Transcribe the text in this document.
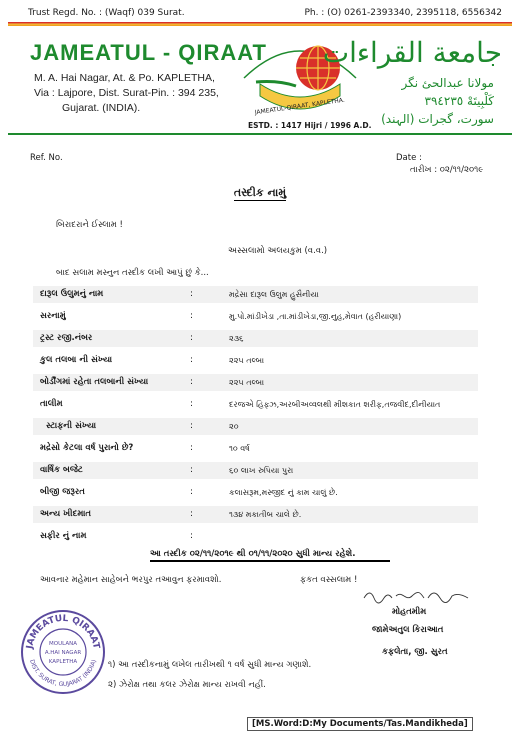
Trust Regd. No. : (Waqf) 039 Surat.	Ph. : (O) 0261-2393340, 2395118, 6556342
JAMEATUL - QIRAAT
M. A. Hai Nagar, At. & Po. KAPLETHA,
Via : Lajpore, Dist. Surat-Pin. : 394 235,
Gujarat. (INDIA).	JAMEATUL-QIRAAT, KAPLETHA.
ESTD. : 1417 Hijri / 1996 A.D.
جامعة القراءات
مولانا عبدالحئ نگر
كَلْبِيتَهْ ٣٩٤٢٣٥
سورت، گجرات (الہند)
Ref. No.	Date :
તારીખ : ૦૨/૧૧/૨૦૧૯
તસ્દીક નામું
બિરાદરાને ઈસ્લામ !
અસ્સલામો અલયકુમ (વ.વ.)
બાદ સલામ મસ્નુન તસ્દીક લખી આપું છું કે...
દારૂલ ઉલુમનું નામ	:	મદ્રેસા દારૂલ ઉલુમ હુસૈનીયા
સરનામું	:	મુ.પો.માંડીખેડા ,તા.માંડીખેડા,જી.નુહ,મેવાત (હરીયાણા)
ટ્રસ્ટ રજી.નંબર	:	૨૩૬
કુલ તલબા ની સંખ્યા	:	૨૨૫ તલ્બા
બોર્ડીંગમાં રહેતા તલબાની સંખ્યા	:	૨૨૫ તલ્બા
તાલીમ	:	દરજએ હિફ્ઝ,અરબીઅવ્વલથી મીશકાત શરીફ,તજવીદ,દીનીયાત
સ્ટાફની સંખ્યા	:	૨૦
મદ્રેસો કેટલા વર્ષ પુરાનો છે?	:	૧૦ વર્ષ
વાર્ષિક બજેટ	:	૬૦ લાખ રુપિયા પુરા
બીજી જરૂરત	:	કલાસરૂમ,મસ્જીદ નું કામ ચાલું છે.
અન્ય ખીદમાત	:	૧૩૪ મકાતીબ ચાલે છે.
સફીર નું નામ	:
આ તસ્દીક ૦૨/૧૧/૨૦૧૯ થી ૦૧/૧૧/૨૦૨૦ સુધી માન્ય રહેશે.
આવનાર મહેમાન સાહેબને ભરપુર તઆવુન ફરમાવશો.	ફકત વસ્સલામ !
મોહતમીમ
જામેઅતુલ કિરાઆત
કફલેતા, જી. સુરત
JAMEATUL QIRAAT
DIST. SURAT, GUJARAT (INDIA)
MOULANA
A.HAI NAGAR
KAPLETHA	૧) આ તસ્દીકનામું લખેલ તારીખથી ૧ વર્ષ સુધી માન્ય ગણાશે.
૨) ઝેરોક્ષ તથા કલર ઝેરોક્ષ માન્ય રાખવી નહીં.
[MS.Word:D:My Documents/Tas.Mandikheda]
